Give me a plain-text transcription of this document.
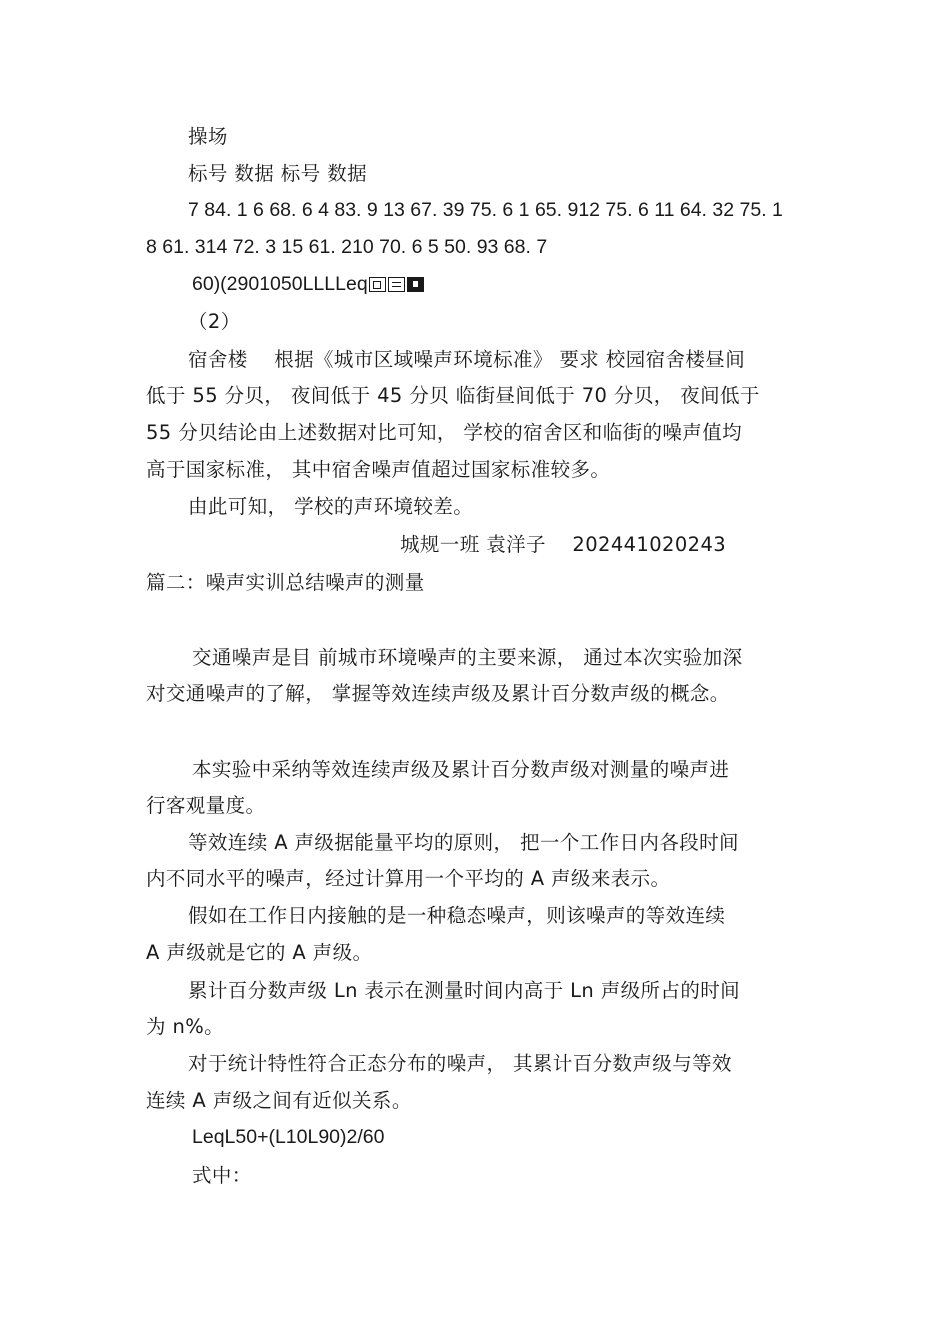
操场
标号 数据 标号 数据
7 84. 1 6 68. 6 4 83. 9 13 67. 39 75. 6 1 65. 912 75. 6 11 64. 32 75. 1
8 61. 314 72. 3 15 61. 210 70. 6 5 50. 93 68. 7
60)(2901050LLLLeq
（2）
宿舍楼 　根据《城市区域噪声环境标准》 要求 校园宿舍楼昼间
低于 55 分贝， 夜间低于 45 分贝 临街昼间低于 70 分贝， 夜间低于
55 分贝结论由上述数据对比可知， 学校的宿舍区和临街的噪声值均
高于国家标准， 其中宿舍噪声值超过国家标准较多。
由此可知， 学校的声环境较差。
城规一班 袁洋子 　202441020243
篇二：噪声实训总结噪声的测量
交通噪声是目 前城市环境噪声的主要来源， 通过本次实验加深
对交通噪声的了解， 掌握等效连续声级及累计百分数声级的概念。
本实验中采纳等效连续声级及累计百分数声级对测量的噪声进
行客观量度。
等效连续 A 声级据能量平均的原则， 把一个工作日内各段时间
内不同水平的噪声，经过计算用一个平均的 A 声级来表示。
假如在工作日内接触的是一种稳态噪声，则该噪声的等效连续
A 声级就是它的 A 声级。
累计百分数声级 Ln 表示在测量时间内高于 Ln 声级所占的时间
为 n%。
对于统计特性符合正态分布的噪声， 其累计百分数声级与等效
连续 A 声级之间有近似关系。
LeqL50+(L10L90)2/60
式中：
